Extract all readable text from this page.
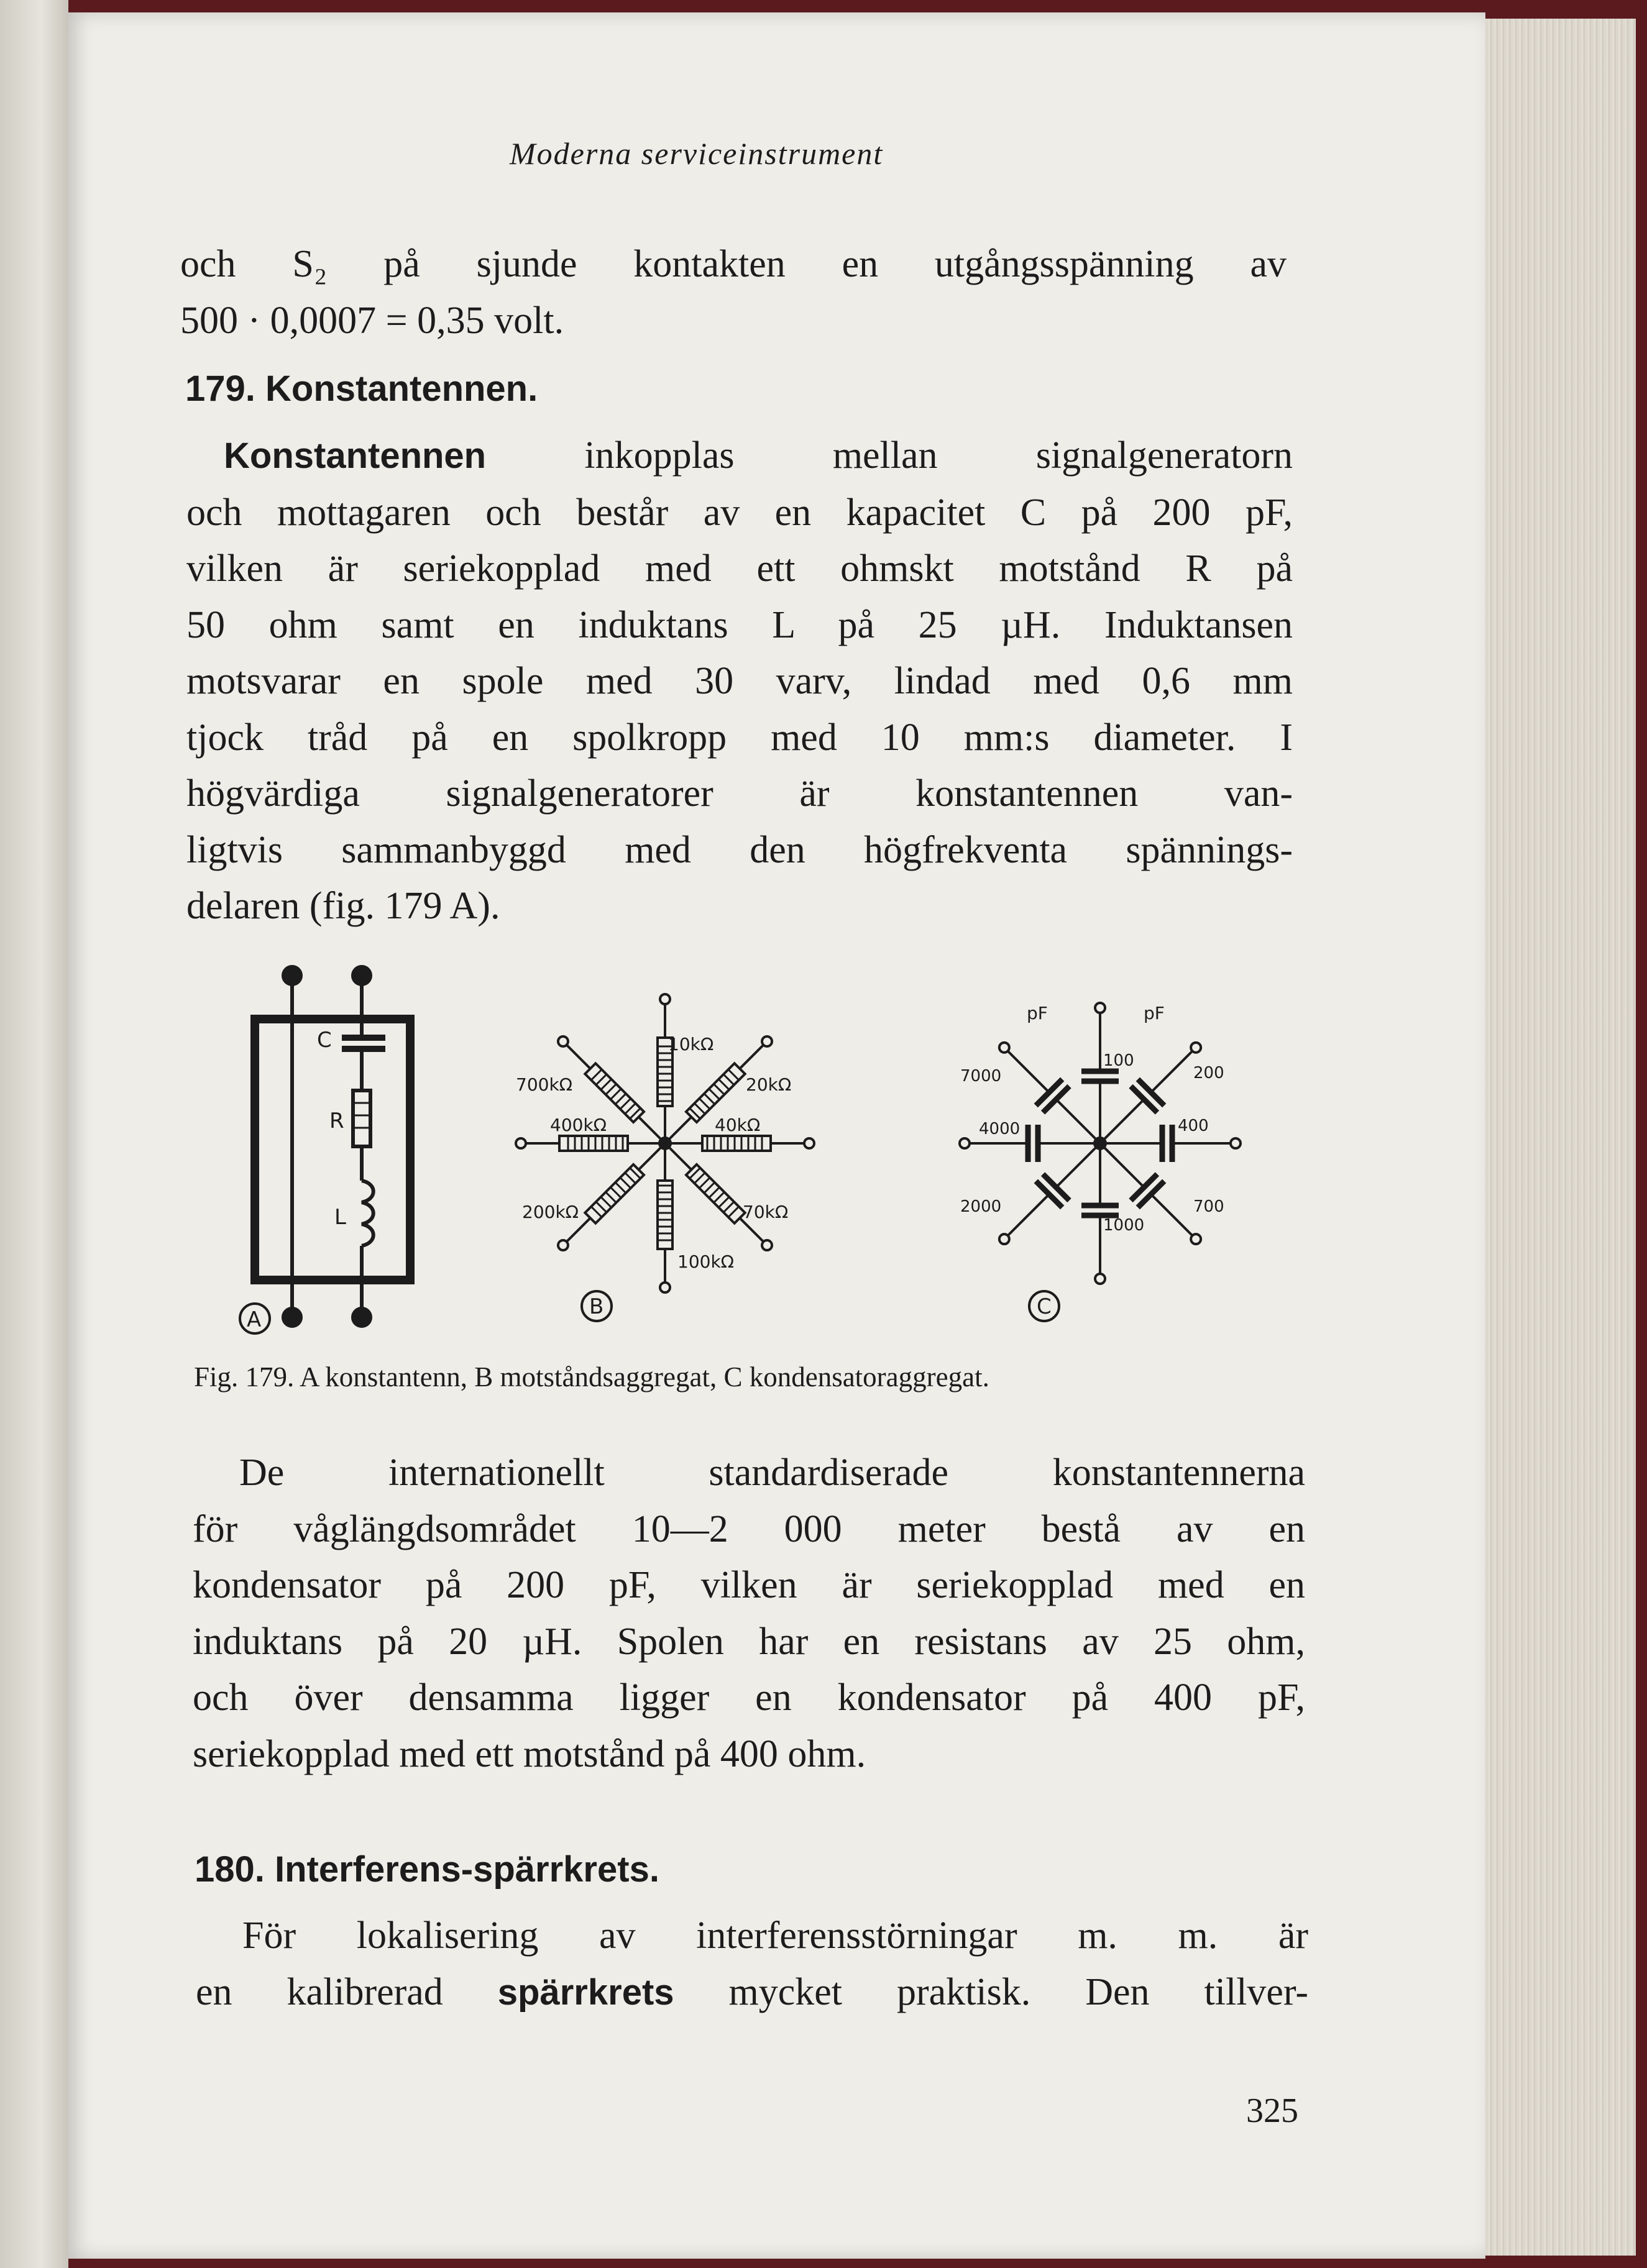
Moderna serviceinstrument
och S₂ på sjunde kontakten en utgångsspänning av
500 · 0,0007 = 0,35 volt.
179. Konstantennen.
Konstantennen inkopplas mellan signalgeneratorn
och mottagaren och består av en kapacitet C på 200 pF,
vilken är seriekopplad med ett ohmskt motstånd R på
50 ohm samt en induktans L på 25 µH. Induktansen
motsvarar en spole med 30 varv, lindad med 0,6 mm
tjock tråd på en spolkropp med 10 mm:s diameter. I
högvärdiga signalgeneratorer är konstantennen van-
ligtvis sammanbyggd med den högfrekventa spännings-
delaren (fig. 179 A).
C
R
L
A
10kΩ
20kΩ
40kΩ
70kΩ
100kΩ
200kΩ
400kΩ
700kΩ
B
pF	pF
100
200
400
700
1000
2000
4000
7000
C
Fig. 179. A konstantenn, B motståndsaggregat, C kondensatoraggregat.
De internationellt standardiserade konstantennerna
för våglängdsområdet 10—2 000 meter bestå av en
kondensator på 200 pF, vilken är seriekopplad med en
induktans på 20 µH. Spolen har en resistans av 25 ohm,
och över densamma ligger en kondensator på 400 pF,
seriekopplad med ett motstånd på 400 ohm.
180. Interferens-spärrkrets.
För lokalisering av interferensstörningar m. m. är
en kalibrerad spärrkrets mycket praktisk. Den tillver-
325
